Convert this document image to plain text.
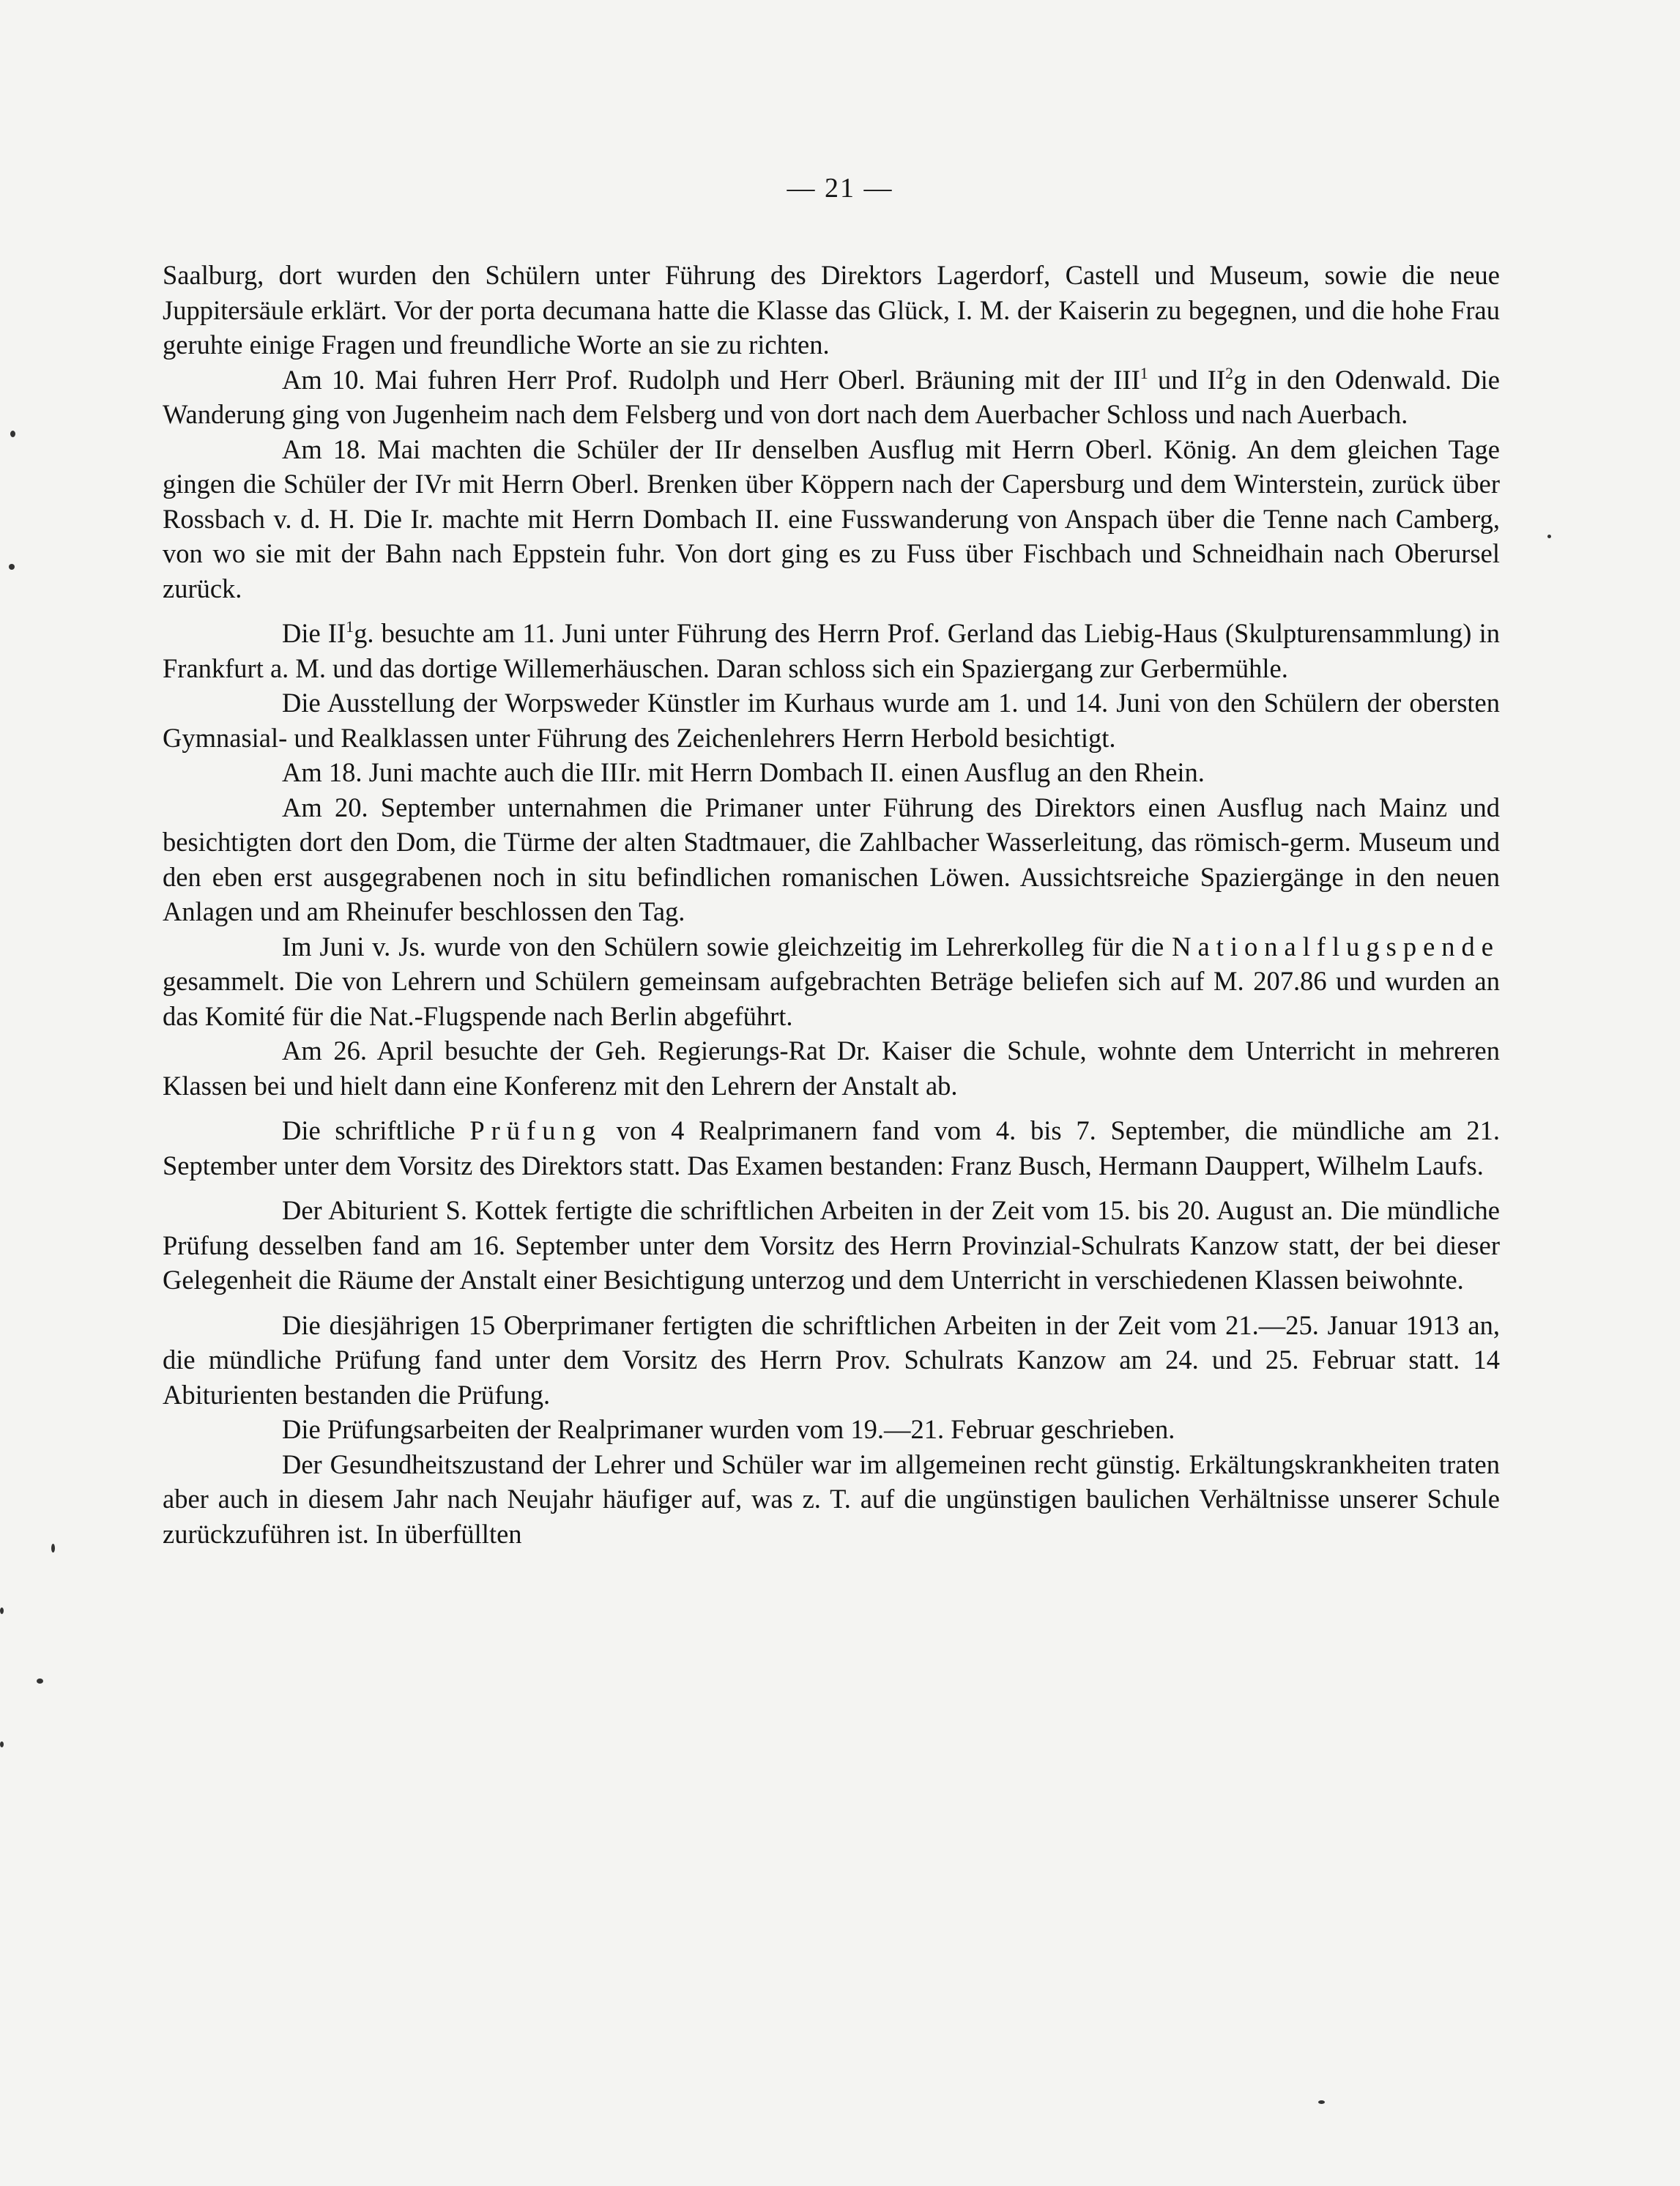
— 21 —

Saalburg, dort wurden den Schülern unter Führung des Direktors Lagerdorf, Castell und Museum, sowie die neue Juppitersäule erklärt. Vor der porta decumana hatte die Klasse das Glück, I. M. der Kaiserin zu begegnen, und die hohe Frau geruhte einige Fragen und freundliche Worte an sie zu richten.

Am 10. Mai fuhren Herr Prof. Rudolph und Herr Oberl. Bräuning mit der III$^1$ und $II^2g$ in den Odenwald. Die Wanderung ging von Jugenheim nach dem Felsberg und von dort nach dem Auerbacher Schloss und nach Auerbach.

Am 18. Mai machten die Schüler der IIr denselben Ausflug mit Herrn Oberl. König. An dem gleichen Tage gingen die Schüler der IVr mit Herrn Oberl. Brenken über Köppern nach der Capersburg und dem Winterstein, zurück über Rossbach v. d. H. Die Ir. machte mit Herrn Dombach II. eine Fusswanderung von Anspach über die Tenne nach Camberg, von wo sie mit der Bahn nach Eppstein fuhr. Von dort ging es zu Fuss über Fischbach und Schneidhain nach Oberursel zurück.

Die $II^1g$. besuchte am 11. Juni unter Führung des Herrn Prof. Gerland das Liebig-Haus (Skulpturensammlung) in Frankfurt a. M. und das dortige Willemerhäuschen. Daran schloss sich ein Spaziergang zur Gerbermühle.

Die Ausstellung der Worpsweder Künstler im Kurhaus wurde am 1. und 14. Juni von den Schülern der obersten Gymnasial- und Realklassen unter Führung des Zeichenlehrers Herrn Herbold besichtigt.

Am 18. Juni machte auch die IIIr. mit Herrn Dombach II. einen Ausflug an den Rhein.

Am 20. September unternahmen die Primaner unter Führung des Direktors einen Ausflug nach Mainz und besichtigten dort den Dom, die Türme der alten Stadtmauer, die Zahlbacher Wasserleitung, das römisch-germ. Museum und den eben erst ausgegrabenen noch in situ befindlichen romanischen Löwen. Aussichtsreiche Spaziergänge in den neuen Anlagen und am Rheinufer beschlossen den Tag.

Im Juni v. Js. wurde von den Schülern sowie gleichzeitig im Lehrerkolleg für die Nationalflugspende gesammelt. Die von Lehrern und Schülern gemeinsam aufgebrachten Beträge beliefen sich auf M. 207.86 und wurden an das Komité für die Nat.-Flugspende nach Berlin abgeführt.

Am 26. April besuchte der Geh. Regierungs-Rat Dr. Kaiser die Schule, wohnte dem Unterricht in mehreren Klassen bei und hielt dann eine Konferenz mit den Lehrern der Anstalt ab.

Die schriftliche Prüfung von 4 Realprimanern fand vom 4. bis 7. September, die mündliche am 21. September unter dem Vorsitz des Direktors statt. Das Examen bestanden: Franz Busch, Hermann Dauppert, Wilhelm Laufs.

Der Abiturient S. Kottek fertigte die schriftlichen Arbeiten in der Zeit vom 15. bis 20. August an. Die mündliche Prüfung desselben fand am 16. September unter dem Vorsitz des Herrn Provinzial-Schulrats Kanzow statt, der bei dieser Gelegenheit die Räume der Anstalt einer Besichtigung unterzog und dem Unterricht in verschiedenen Klassen beiwohnte.

Die diesjährigen 15 Oberprimaner fertigten die schriftlichen Arbeiten in der Zeit vom 21.—25. Januar 1913 an, die mündliche Prüfung fand unter dem Vorsitz des Herrn Prov. Schulrats Kanzow am 24. und 25. Februar statt. 14 Abiturienten bestanden die Prüfung.

Die Prüfungsarbeiten der Realprimaner wurden vom 19.—21. Februar geschrieben.

Der Gesundheitszustand der Lehrer und Schüler war im allgemeinen recht günstig. Erkältungskrankheiten traten aber auch in diesem Jahr nach Neujahr häufiger auf, was z. T. auf die ungünstigen baulichen Verhältnisse unserer Schule zurückzuführen ist. In überfüllten
